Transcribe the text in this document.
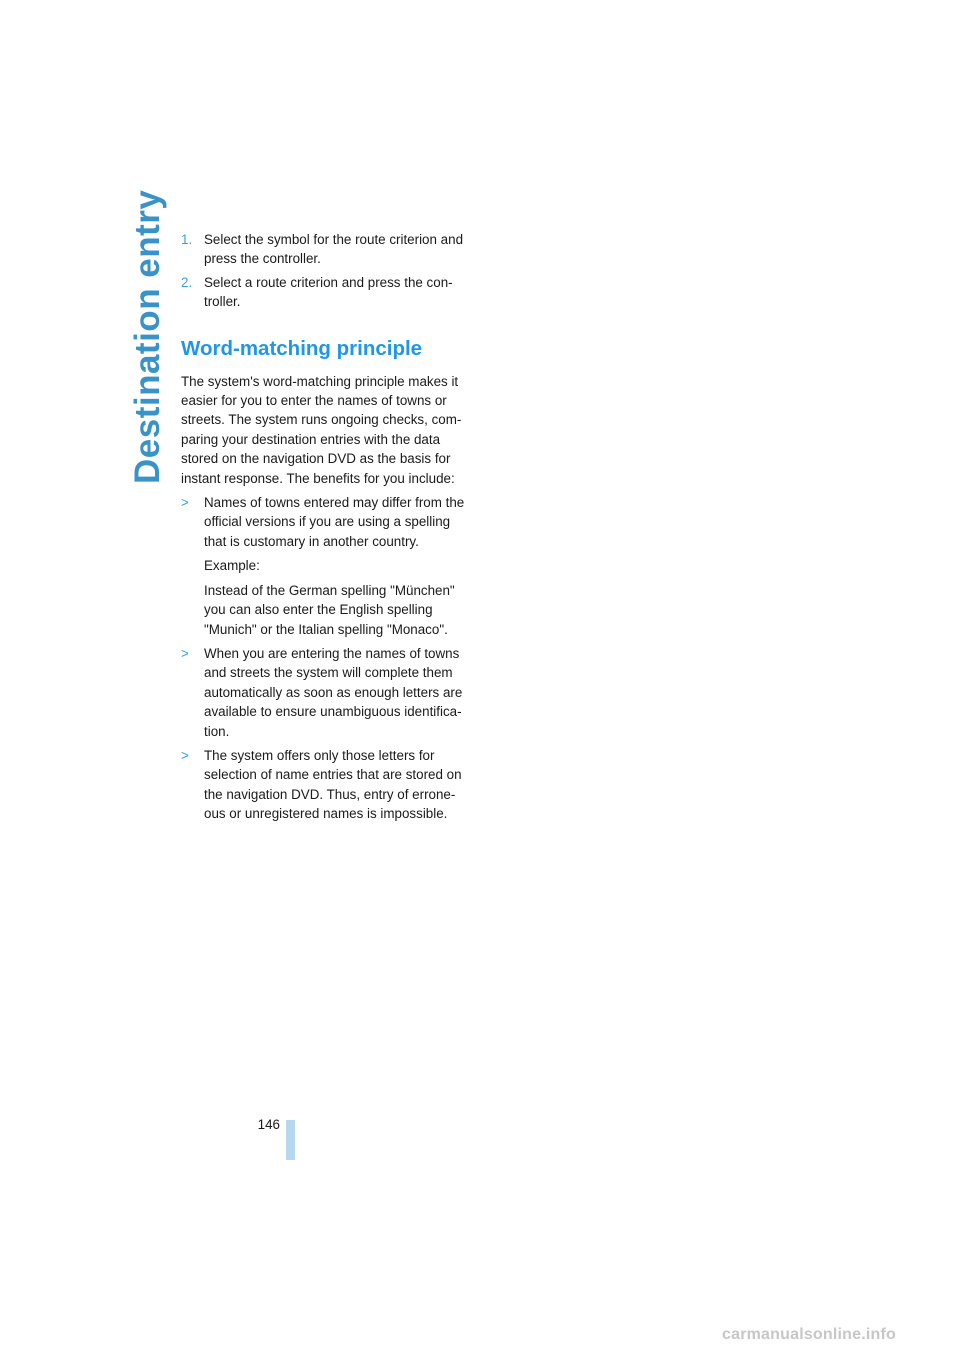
Destination entry 1. Select the symbol for the route criterion and
press the controller.
2. Select a route criterion and press the con-
troller.
Word-matching principle
The system's word-matching principle makes it
easier for you to enter the names of towns or
streets. The system runs ongoing checks, com-
paring your destination entries with the data
stored on the navigation DVD as the basis for
instant response. The benefits for you include:
> Names of towns entered may differ from the
official versions if you are using a spelling
that is customary in another country.
Example:
Instead of the German spelling "München"
you can also enter the English spelling
"Munich" or the Italian spelling "Monaco".
> When you are entering the names of towns
and streets the system will complete them
automatically as soon as enough letters are
available to ensure unambiguous identifica-
tion.
> The system offers only those letters for
selection of name entries that are stored on
the navigation DVD. Thus, entry of errone-
ous or unregistered names is impossible.
146
carmanualsonline.info
